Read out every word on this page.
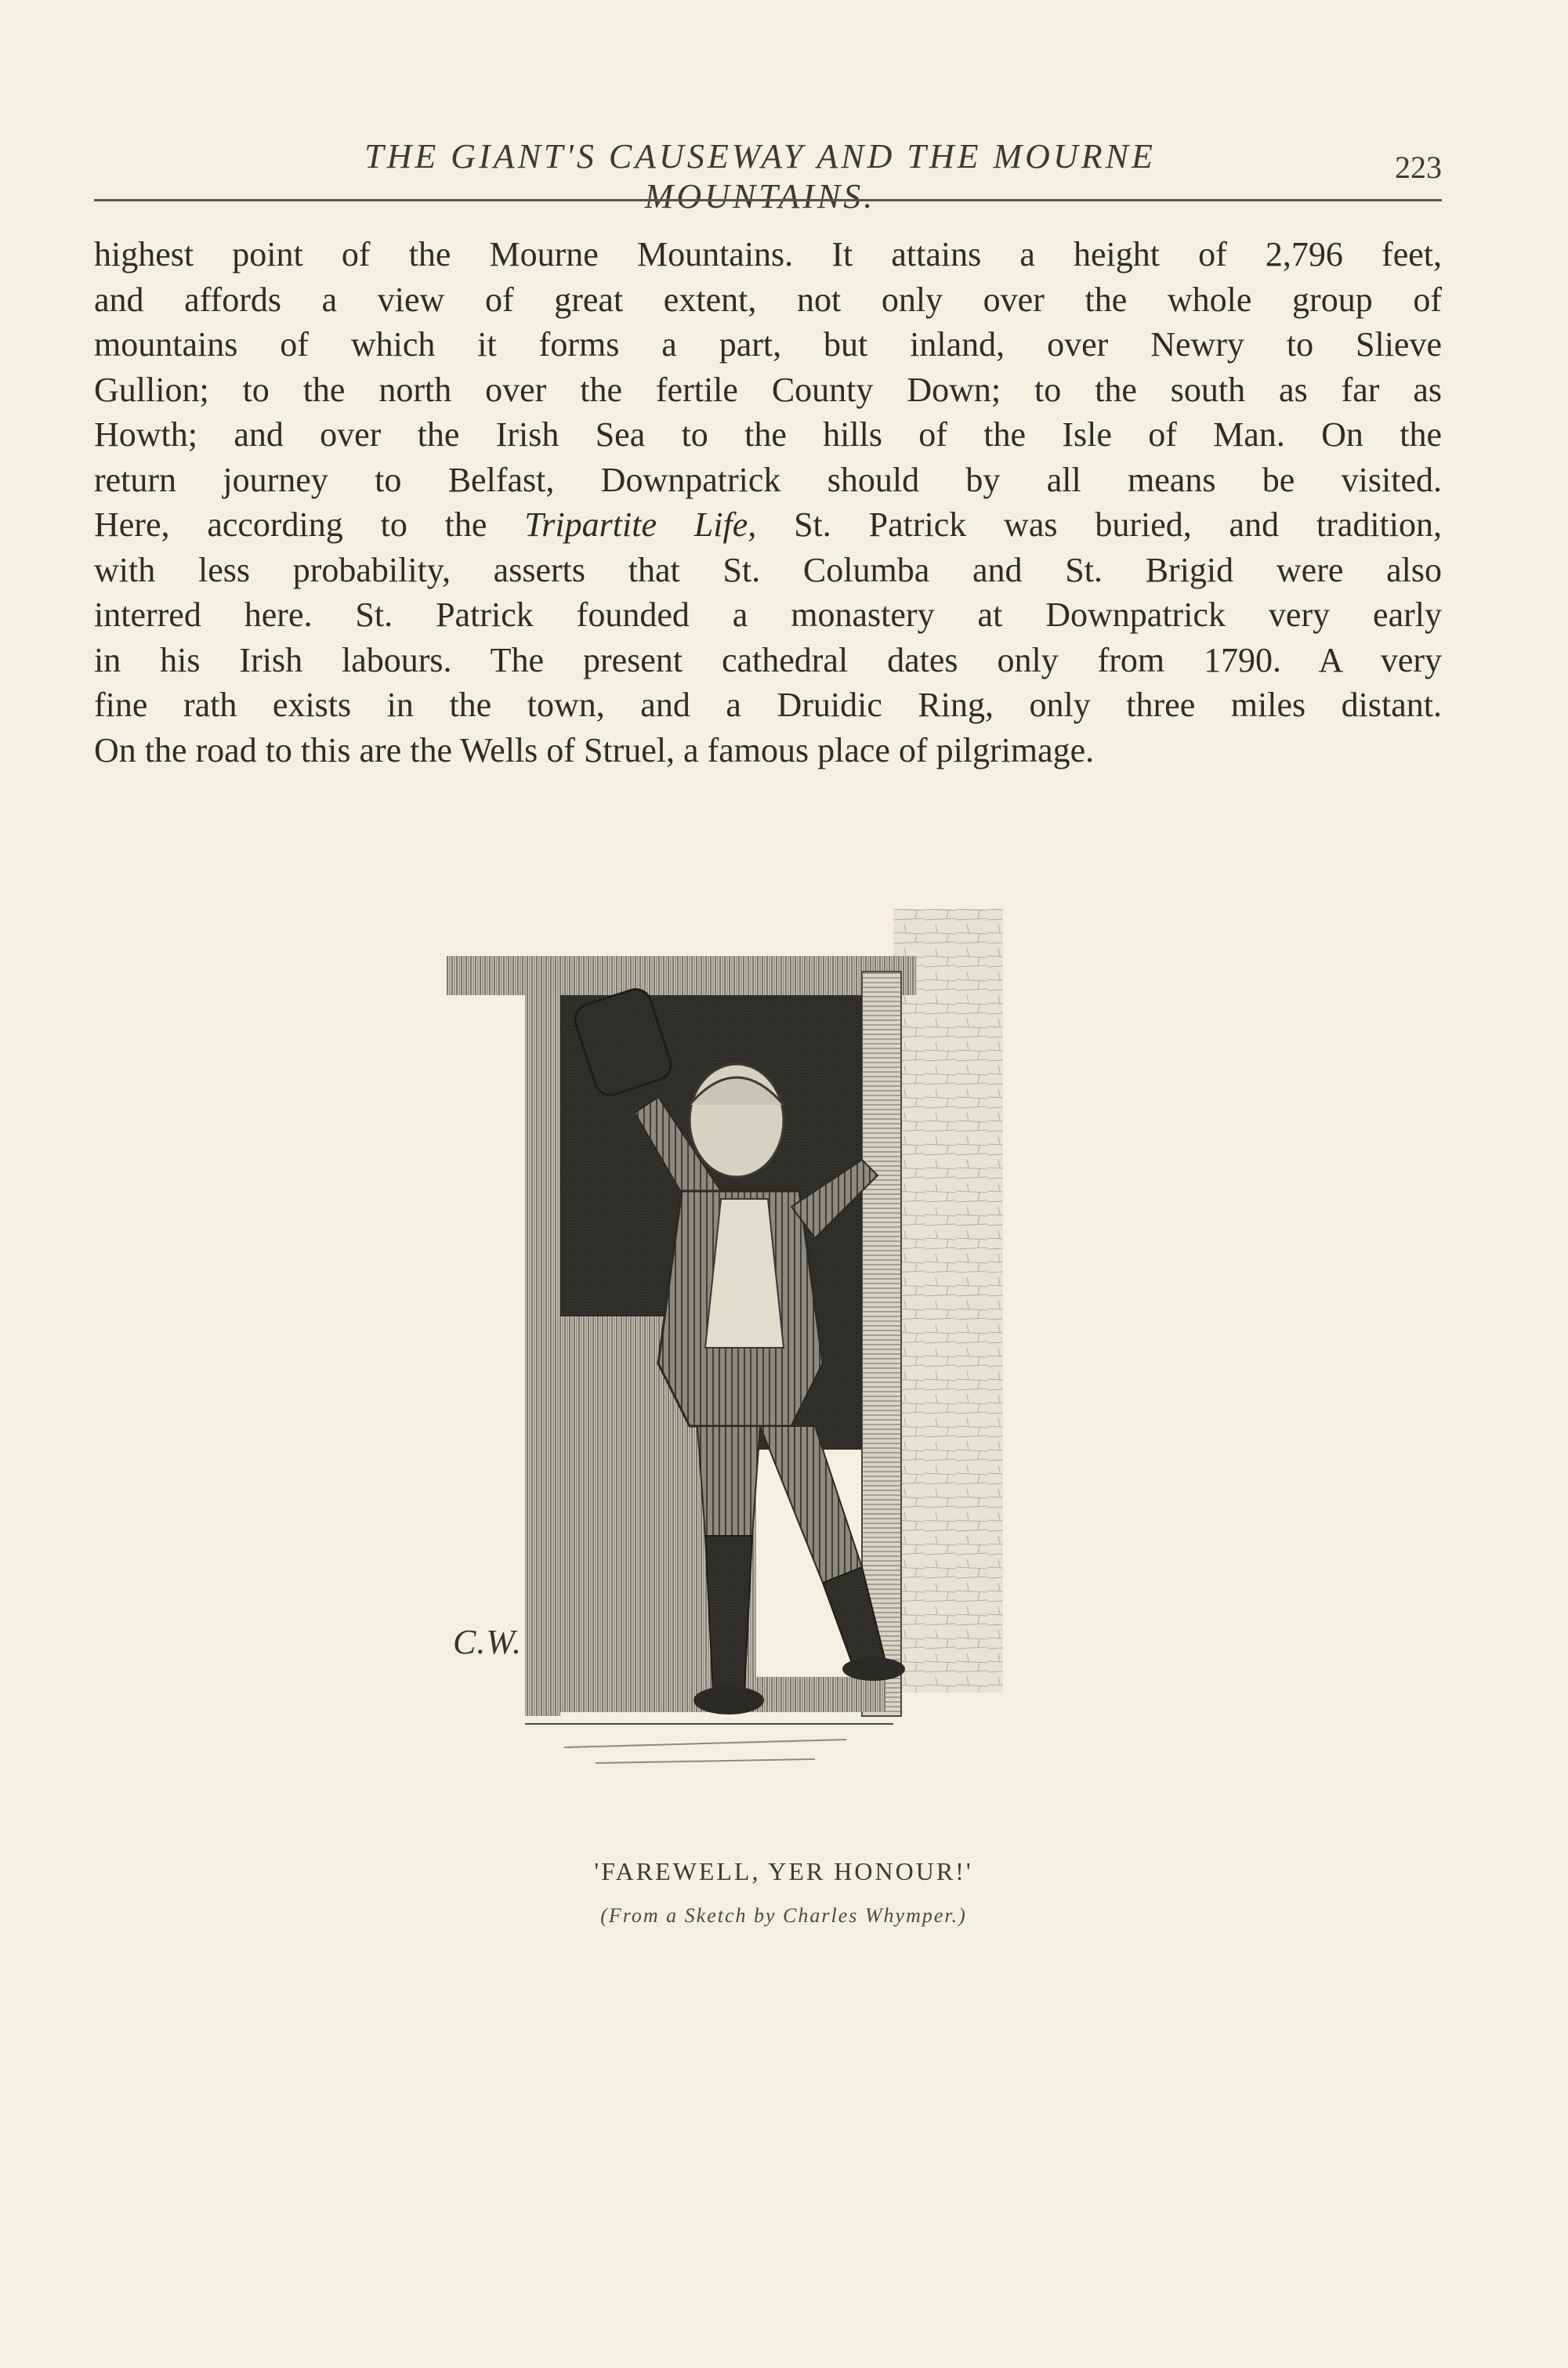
THE GIANT'S CAUSEWAY AND THE MOURNE MOUNTAINS.
223
highest point of the Mourne Mountains. It attains a height of 2,796 feet,
and affords a view of great extent, not only over the whole group of
mountains of which it forms a part, but inland, over Newry to Slieve
Gullion; to the north over the fertile County Down; to the south as far as
Howth; and over the Irish Sea to the hills of the Isle of Man. On the
return journey to Belfast, Downpatrick should by all means be visited.
Here, according to the Tripartite Life, St. Patrick was buried, and tradition,
with less probability, asserts that St. Columba and St. Brigid were also
interred here. St. Patrick founded a monastery at Downpatrick very early
in his Irish labours. The present cathedral dates only from 1790. A very
fine rath exists in the town, and a Druidic Ring, only three miles distant.
On the road to this are the Wells of Struel, a famous place of pilgrimage.
C.W.
'FAREWELL, YER HONOUR!'
(From a Sketch by Charles Whymper.)
